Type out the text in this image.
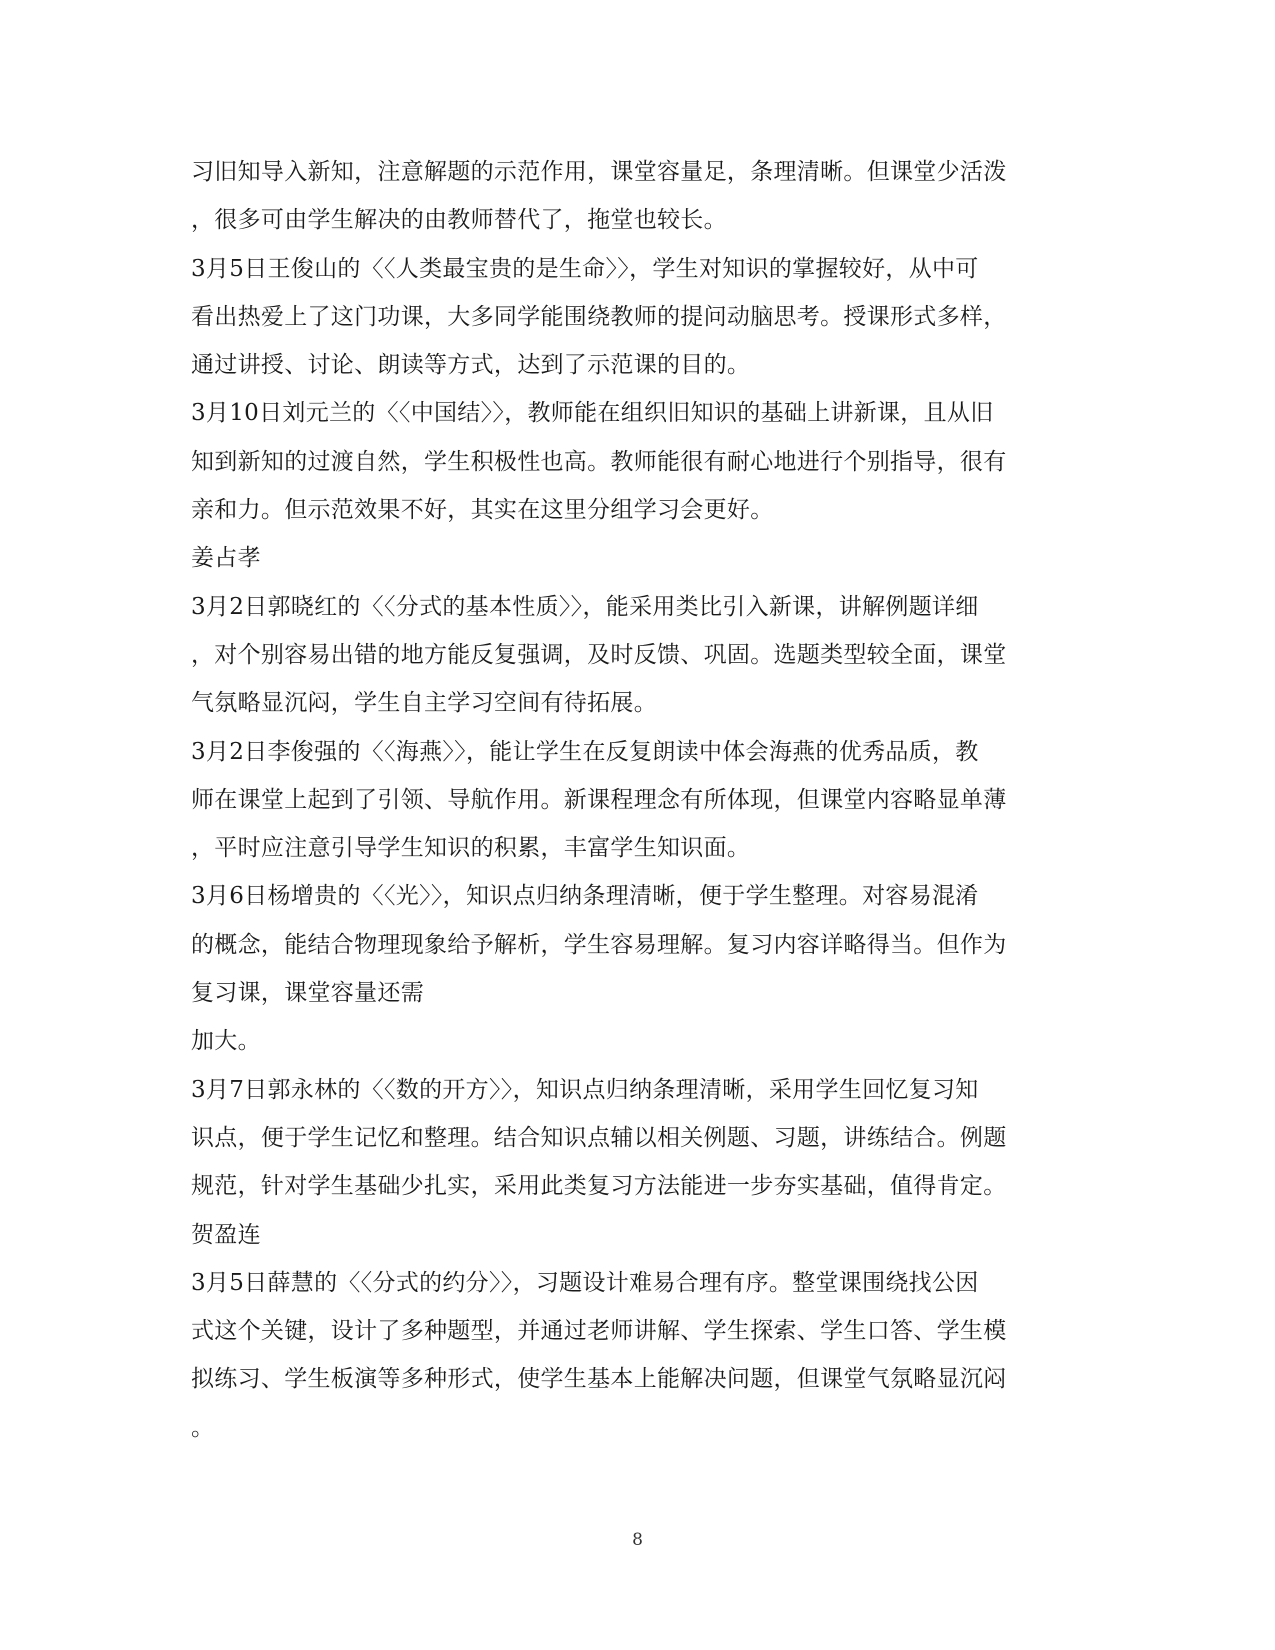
习旧知导入新知，注意解题的示范作用，课堂容量足，条理清晰。但课堂少活泼
，很多可由学生解决的由教师替代了，拖堂也较长。
3月5日王俊山的〈〈人类最宝贵的是生命〉〉，学生对知识的掌握较好，从中可
看出热爱上了这门功课，大多同学能围绕教师的提问动脑思考。授课形式多样，
通过讲授、讨论、朗读等方式，达到了示范课的目的。
3月10日刘元兰的〈〈中国结〉〉，教师能在组织旧知识的基础上讲新课，且从旧
知到新知的过渡自然，学生积极性也高。教师能很有耐心地进行个别指导，很有
亲和力。但示范效果不好，其实在这里分组学习会更好。
姜占孝
3月2日郭晓红的〈〈分式的基本性质〉〉，能采用类比引入新课，讲解例题详细
，对个别容易出错的地方能反复强调，及时反馈、巩固。选题类型较全面，课堂
气氛略显沉闷，学生自主学习空间有待拓展。
3月2日李俊强的〈〈海燕〉〉，能让学生在反复朗读中体会海燕的优秀品质，教
师在课堂上起到了引领、导航作用。新课程理念有所体现，但课堂内容略显单薄
，平时应注意引导学生知识的积累，丰富学生知识面。
3月6日杨增贵的〈〈光〉〉，知识点归纳条理清晰，便于学生整理。对容易混淆
的概念，能结合物理现象给予解析，学生容易理解。复习内容详略得当。但作为
复习课，课堂容量还需
加大。
3月7日郭永林的〈〈数的开方〉〉，知识点归纳条理清晰，采用学生回忆复习知
识点，便于学生记忆和整理。结合知识点辅以相关例题、习题，讲练结合。例题
规范，针对学生基础少扎实，采用此类复习方法能进一步夯实基础，值得肯定。
贺盈连
3月5日薛慧的〈〈分式的约分〉〉，习题设计难易合理有序。整堂课围绕找公因
式这个关键，设计了多种题型，并通过老师讲解、学生探索、学生口答、学生模
拟练习、学生板演等多种形式，使学生基本上能解决问题，但课堂气氛略显沉闷
。
8
